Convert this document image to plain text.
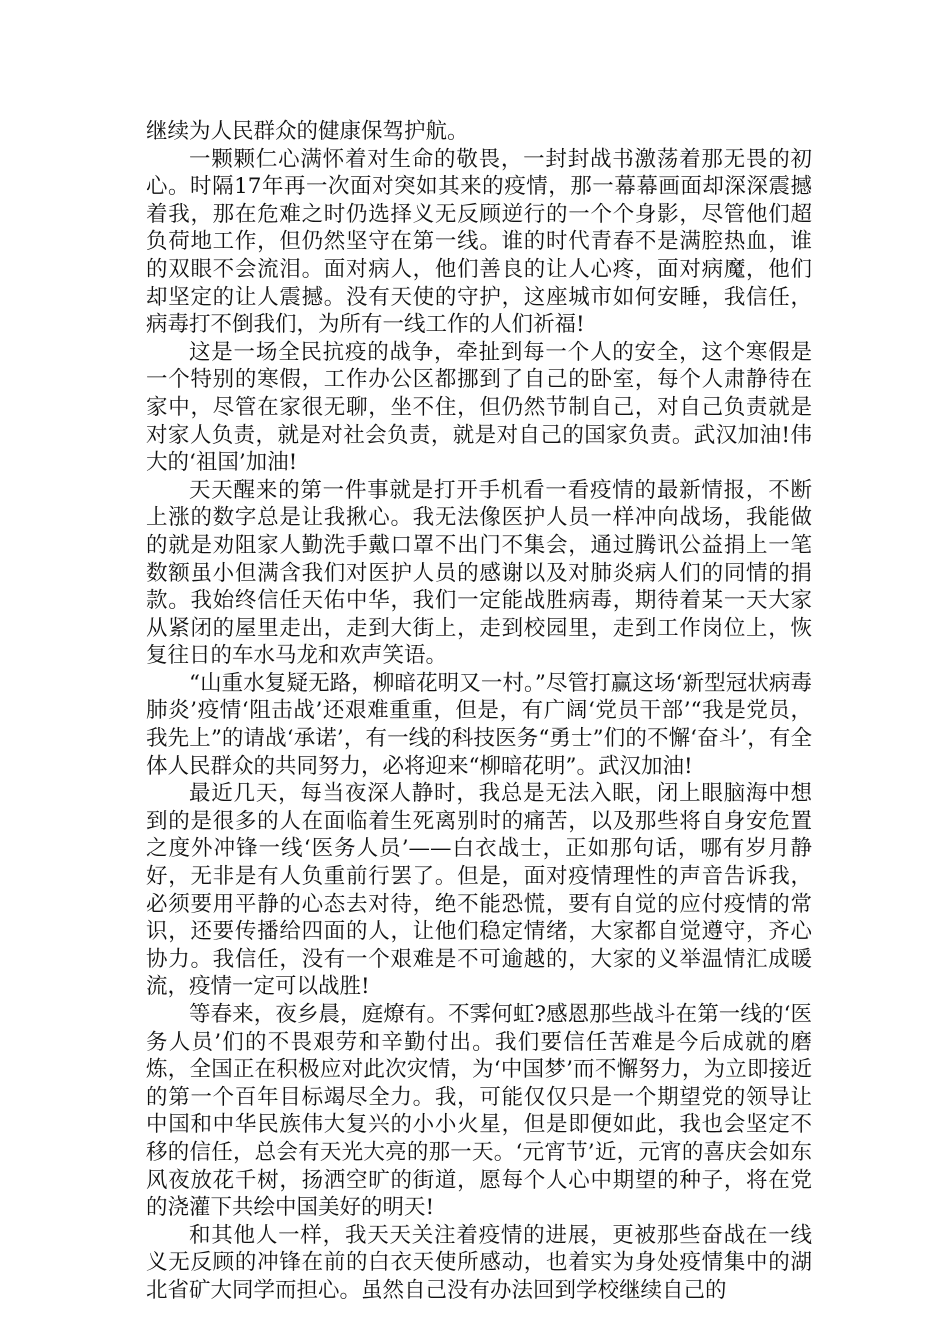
继续为人民群众的健康保驾护航。

一颗颗仁心满怀着对生命的敬畏，一封封战书激荡着那无畏的初心。时隔17年再一次面对突如其来的疫情，那一幕幕画面却深深震撼着我，那在危难之时仍选择义无反顾逆行的一个个身影，尽管他们超负荷地工作，但仍然坚守在第一线。谁的时代青春不是满腔热血，谁的双眼不会流泪。面对病人，他们善良的让人心疼，面对病魔，他们却坚定的让人震撼。没有天使的守护，这座城市如何安睡，我信任，病毒打不倒我们，为所有一线工作的人们祈福!

这是一场全民抗疫的战争，牵扯到每一个人的安全，这个寒假是一个特别的寒假，工作办公区都挪到了自己的卧室，每个人肃静待在家中，尽管在家很无聊，坐不住，但仍然节制自己，对自己负责就是对家人负责，就是对社会负责，就是对自己的国家负责。武汉加油!伟大的‘祖国’加油!

天天醒来的第一件事就是打开手机看一看疫情的最新情报，不断上涨的数字总是让我揪心。我无法像医护人员一样冲向战场，我能做的就是劝阻家人勤洗手戴口罩不出门不集会，通过腾讯公益捐上一笔数额虽小但满含我们对医护人员的感谢以及对肺炎病人们的同情的捐款。我始终信任天佑中华，我们一定能战胜病毒，期待着某一天大家从紧闭的屋里走出，走到大街上，走到校园里，走到工作岗位上，恢复往日的车水马龙和欢声笑语。

“山重水复疑无路，柳暗花明又一村。”尽管打赢这场‘新型冠状病毒肺炎’疫情‘阻击战’还艰难重重，但是，有广阔‘党员干部’“我是党员，我先上”的请战‘承诺’，有一线的科技医务“勇士”们的不懈‘奋斗’，有全体人民群众的共同努力，必将迎来“柳暗花明”。武汉加油!

最近几天，每当夜深人静时，我总是无法入眠，闭上眼脑海中想到的是很多的人在面临着生死离别时的痛苦，以及那些将自身安危置之度外冲锋一线‘医务人员’——白衣战士，正如那句话，哪有岁月静好，无非是有人负重前行罢了。但是，面对疫情理性的声音告诉我，必须要用平静的心态去对待，绝不能恐慌，要有自觉的应付疫情的常识，还要传播给四面的人，让他们稳定情绪，大家都自觉遵守，齐心协力。我信任，没有一个艰难是不可逾越的，大家的义举温情汇成暖流，疫情一定可以战胜!

等春来，夜乡晨，庭燎有。不霁何虹?感恩那些战斗在第一线的‘医务人员’们的不畏艰劳和辛勤付出。我们要信任苦难是今后成就的磨炼，全国正在积极应对此次灾情，为‘中国梦’而不懈努力，为立即接近的第一个百年目标竭尽全力。我，可能仅仅只是一个期望党的领导让中国和中华民族伟大复兴的小小火星，但是即便如此，我也会坚定不移的信任，总会有天光大亮的那一天。‘元宵节’近，元宵的喜庆会如东风夜放花千树，扬洒空旷的街道，愿每个人心中期望的种子，将在党的浇灌下共绘中国美好的明天!

和其他人一样，我天天关注着疫情的进展，更被那些奋战在一线义无反顾的冲锋在前的白衣天使所感动，也着实为身处疫情集中的湖北省矿大同学而担心。虽然自己没有办法回到学校继续自己的
